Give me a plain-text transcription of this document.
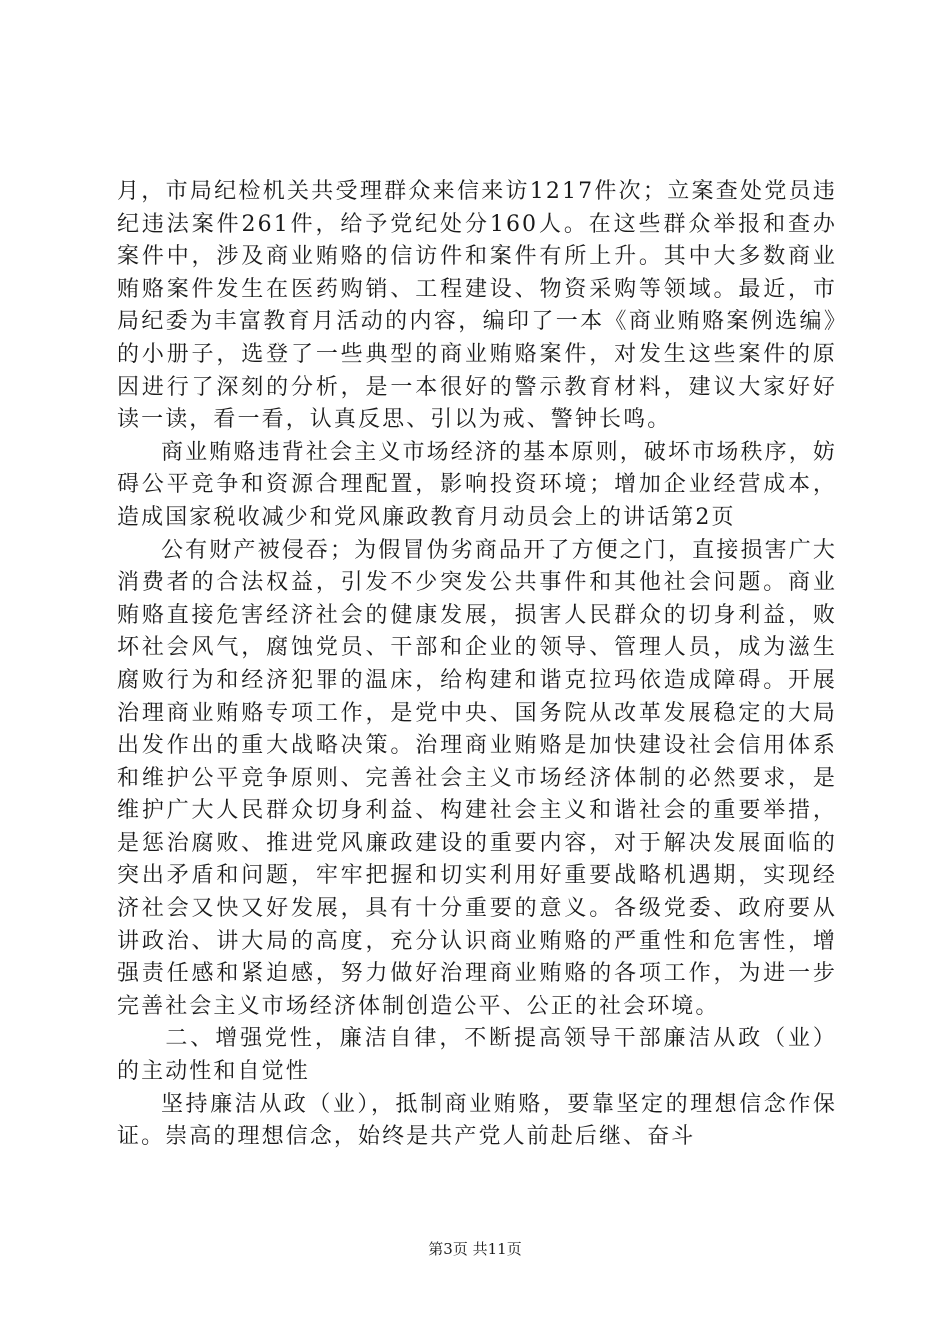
月，市局纪检机关共受理群众来信来访1217件次；立案查处党员违纪违法案件261件，给予党纪处分160人。在这些群众举报和查办案件中，涉及商业贿赂的信访件和案件有所上升。其中大多数商业贿赂案件发生在医药购销、工程建设、物资采购等领域。最近，市局纪委为丰富教育月活动的内容，编印了一本《商业贿赂案例选编》的小册子，选登了一些典型的商业贿赂案件，对发生这些案件的原因进行了深刻的分析，是一本很好的警示教育材料，建议大家好好读一读，看一看，认真反思、引以为戒、警钟长鸣。

商业贿赂违背社会主义市场经济的基本原则，破坏市场秩序，妨碍公平竞争和资源合理配置，影响投资环境；增加企业经营成本，造成国家税收减少和党风廉政教育月动员会上的讲话第2页

公有财产被侵吞；为假冒伪劣商品开了方便之门，直接损害广大消费者的合法权益，引发不少突发公共事件和其他社会问题。商业贿赂直接危害经济社会的健康发展，损害人民群众的切身利益，败坏社会风气，腐蚀党员、干部和企业的领导、管理人员，成为滋生腐败行为和经济犯罪的温床，给构建和谐克拉玛依造成障碍。开展治理商业贿赂专项工作，是党中央、国务院从改革发展稳定的大局出发作出的重大战略决策。治理商业贿赂是加快建设社会信用体系和维护公平竞争原则、完善社会主义市场经济体制的必然要求，是维护广大人民群众切身利益、构建社会主义和谐社会的重要举措，是惩治腐败、推进党风廉政建设的重要内容，对于解决发展面临的突出矛盾和问题，牢牢把握和切实利用好重要战略机遇期，实现经济社会又快又好发展，具有十分重要的意义。各级党委、政府要从讲政治、讲大局的高度，充分认识商业贿赂的严重性和危害性，增强责任感和紧迫感，努力做好治理商业贿赂的各项工作，为进一步完善社会主义市场经济体制创造公平、公正的社会环境。

二、增强党性，廉洁自律，不断提高领导干部廉洁从政（业）的主动性和自觉性

坚持廉洁从政（业），抵制商业贿赂，要靠坚定的理想信念作保证。崇高的理想信念，始终是共产党人前赴后继、奋斗

第3页 共11页
